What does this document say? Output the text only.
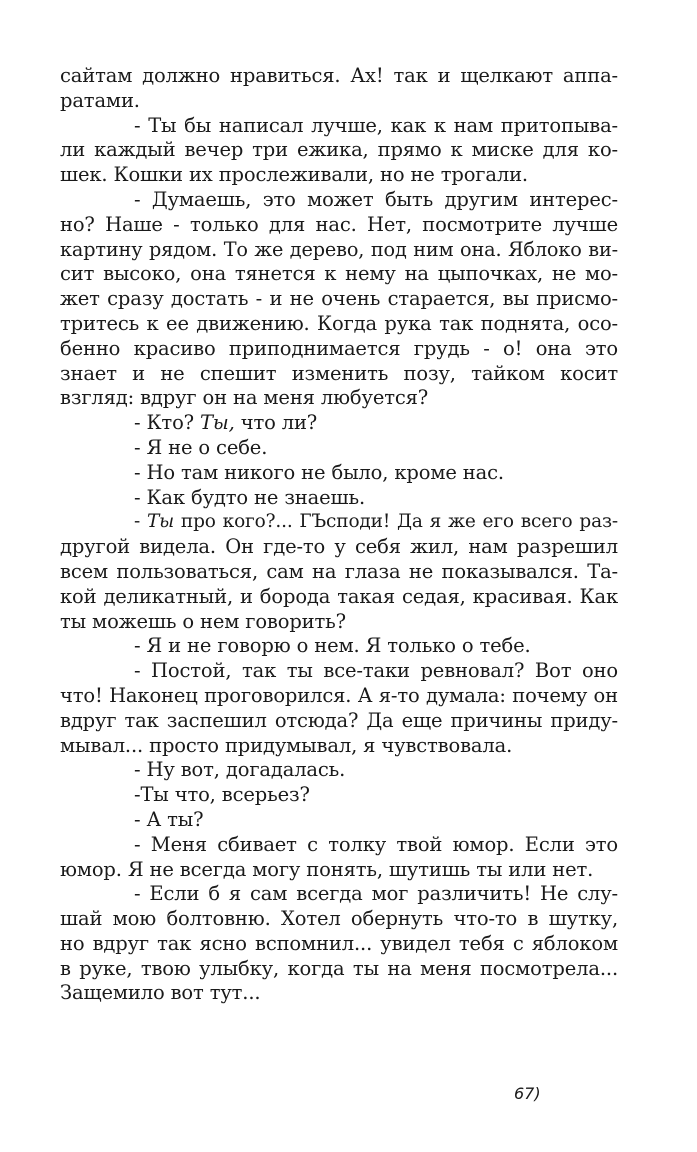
сайтам должно нравиться. Ах! так и щелкают аппа-
ратами.
- Ты бы написал лучше, как к нам притопыва-
ли каждый вечер три ежика, прямо к миске для ко-
шек. Кошки их прослеживали, но не трогали.
- Думаешь, это может быть другим интерес-
но? Наше - только для нас. Нет, посмотрите лучше
картину рядом. То же дерево, под ним она. Яблоко ви-
сит высоко, она тянется к нему на цыпочках, не мо-
жет сразу достать - и не очень старается, вы присмо-
тритесь к ее движению. Когда рука так поднята, осо-
бенно красиво приподнимается грудь - о! она это
знает и не спешит изменить позу, тайком косит
взгляд: вдруг он на меня любуется?
- Кто? Ты, что ли?
- Я не о себе.
- Но там никого не было, кроме нас.
- Как будто не знаешь.
- Ты про кого?... ГЪсподи! Да я же его всего раз-
другой видела. Он где-то у себя жил, нам разрешил
всем пользоваться, сам на глаза не показывался. Та-
кой деликатный, и борода такая седая, красивая. Как
ты можешь о нем говорить?
- Я и не говорю о нем. Я только о тебе.
- Постой, так ты все-таки ревновал? Вот оно
что! Наконец проговорился. А я-то думала: почему он
вдруг так заспешил отсюда? Да еще причины приду-
мывал... просто придумывал, я чувствовала.
- Ну вот, догадалась.
-Ты что, всерьез?
- А ты?
- Меня сбивает с толку твой юмор. Если это
юмор. Я не всегда могу понять, шутишь ты или нет.
- Если б я сам всегда мог различить! Не слу-
шай мою болтовню. Хотел обернуть что-то в шутку,
но вдруг так ясно вспомнил... увидел тебя с яблоком
в руке, твою улыбку, когда ты на меня посмотрела...
Защемило вот тут...
67)
